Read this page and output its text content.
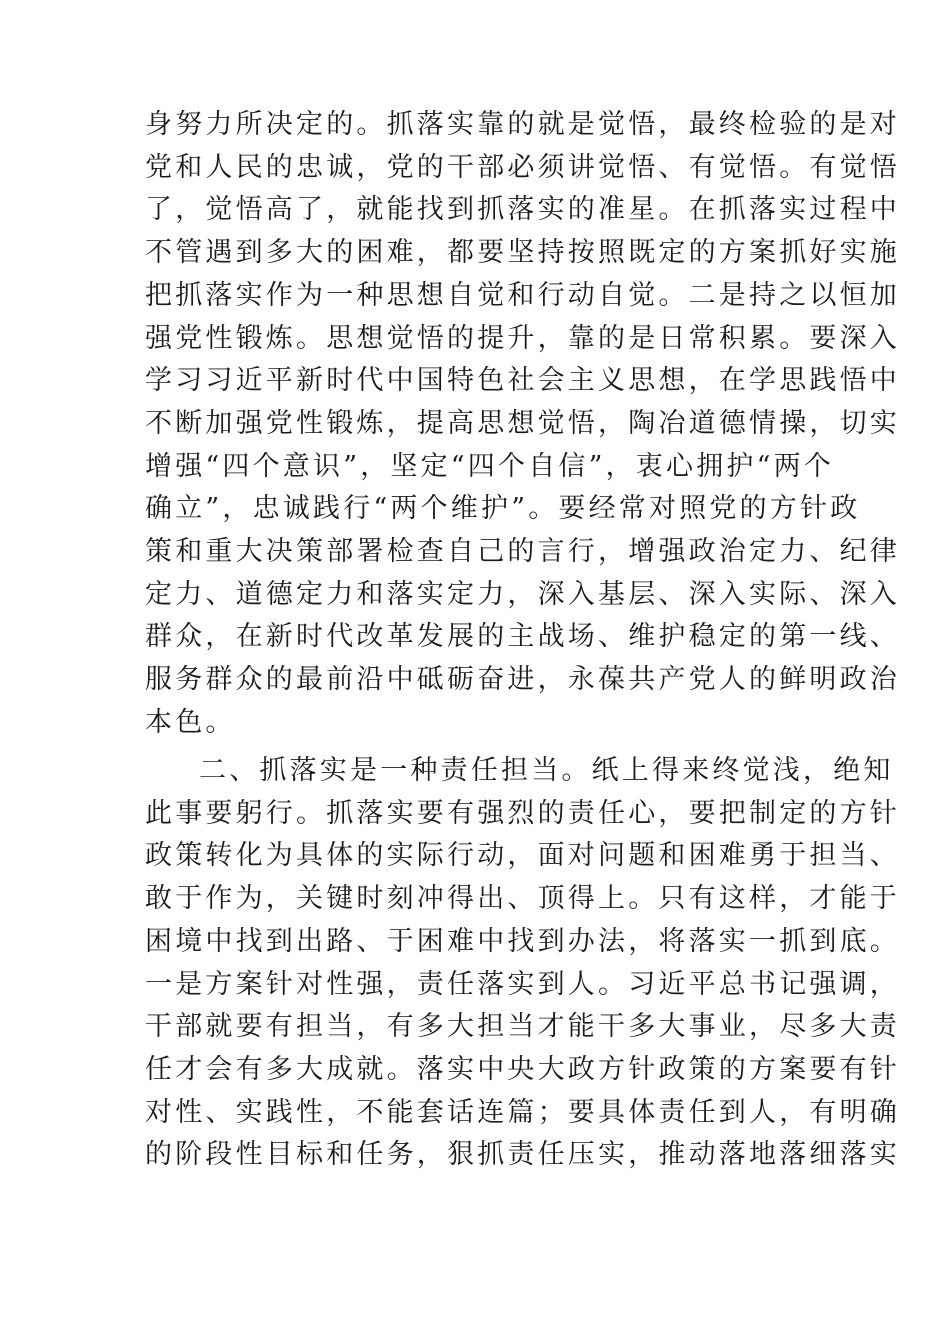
身努力所决定的。抓落实靠的就是觉悟，最终检验的是对
党和人民的忠诚，党的干部必须讲觉悟、有觉悟。有觉悟
了，觉悟高了，就能找到抓落实的准星。在抓落实过程中
不管遇到多大的困难，都要坚持按照既定的方案抓好实施
把抓落实作为一种思想自觉和行动自觉。二是持之以恒加
强党性锻炼。思想觉悟的提升，靠的是日常积累。要深入
学习习近平新时代中国特色社会主义思想，在学思践悟中
不断加强党性锻炼，提高思想觉悟，陶冶道德情操，切实
增强“四个意识”，坚定“四个自信”，衷心拥护“两个
确立”，忠诚践行“两个维护”。要经常对照党的方针政
策和重大决策部署检查自己的言行，增强政治定力、纪律
定力、道德定力和落实定力，深入基层、深入实际、深入
群众，在新时代改革发展的主战场、维护稳定的第一线、
服务群众的最前沿中砥砺奋进，永葆共产党人的鲜明政治
本色。
二、抓落实是一种责任担当。纸上得来终觉浅，绝知
此事要躬行。抓落实要有强烈的责任心，要把制定的方针
政策转化为具体的实际行动，面对问题和困难勇于担当、
敢于作为，关键时刻冲得出、顶得上。只有这样，才能于
困境中找到出路、于困难中找到办法，将落实一抓到底。
一是方案针对性强，责任落实到人。习近平总书记强调，
干部就要有担当，有多大担当才能干多大事业，尽多大责
任才会有多大成就。落实中央大政方针政策的方案要有针
对性、实践性，不能套话连篇；要具体责任到人，有明确
的阶段性目标和任务，狠抓责任压实，推动落地落细落实
